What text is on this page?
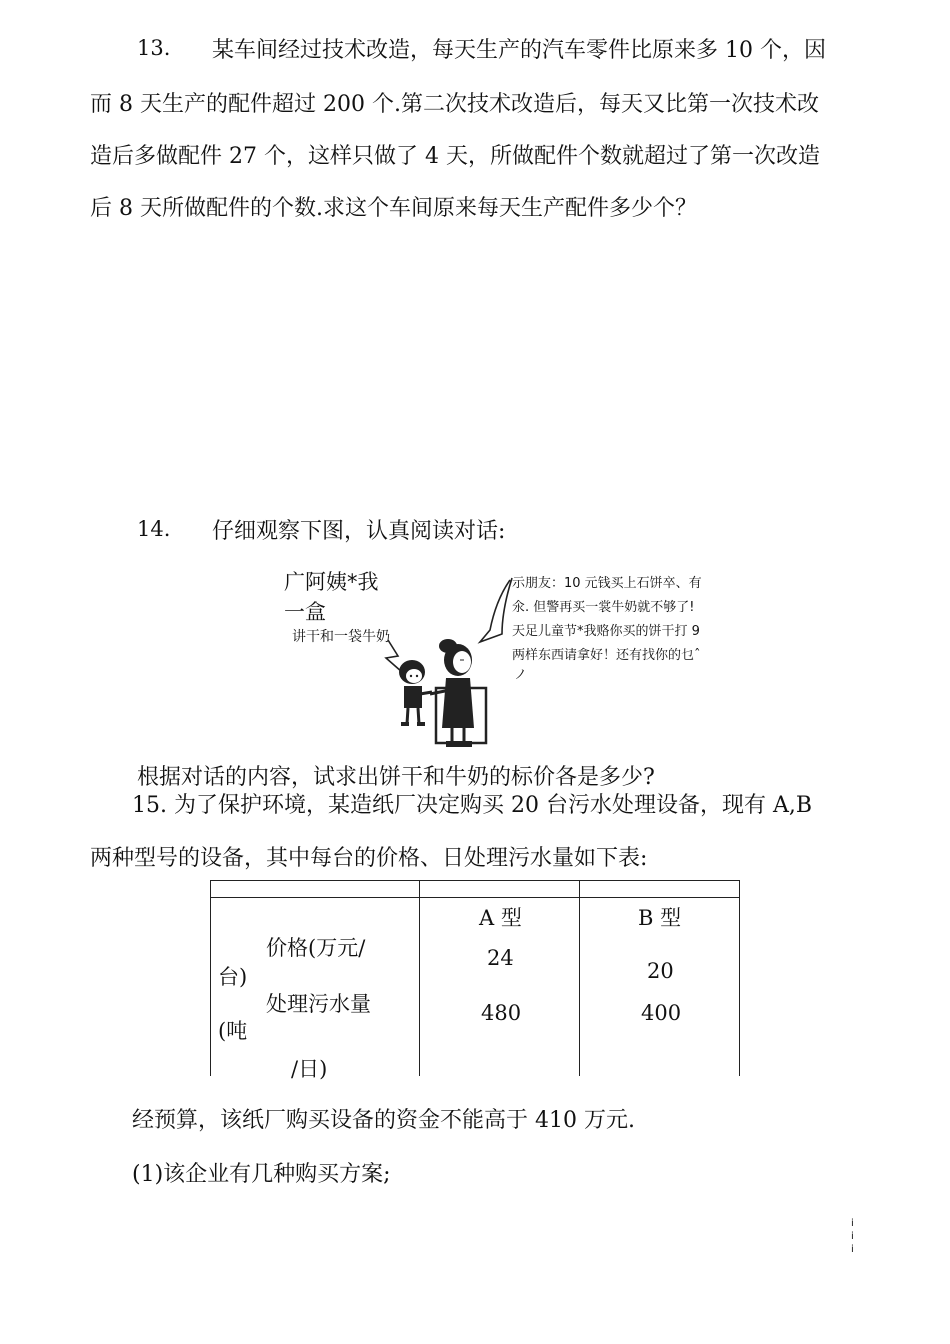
13. 某车间经过技术改造，每天生产的汽车零件比原来多 10 个，因
而 8 天生产的配件超过 200 个.第二次技术改造后，每天又比第一次技术改
造后多做配件 27 个，这样只做了 4 天，所做配件个数就超过了第一次改造
后 8 天所做配件的个数.求这个车间原来每天生产配件多少个？
14. 仔细观察下图，认真阅读对话:
广阿姨*我
一盒
讲干和一袋牛奶
示朋友：10 元钱买上石饼卒、有
氽. 但警再买一裳牛奶就不够了!
天足儿童节*我赂你买的饼干打 9
两样东西请拿好！还有找你的乜ˆ
ノ
根据对话的内容，试求出饼干和牛奶的标价各是多少?
15. 为了保护环境，某造纸厂决定购买 20 台污水处理设备，现有 A,B
两种型号的设备，其中每台的价格、日处理污水量如下表:
A 型	B 型
价格(万元/
台)
处理污水量
(吨
/日)
24
20
480	400
经预算，该纸厂购买设备的资金不能高于 410 万元.
(1)该企业有几种购买方案;
i
i
i
